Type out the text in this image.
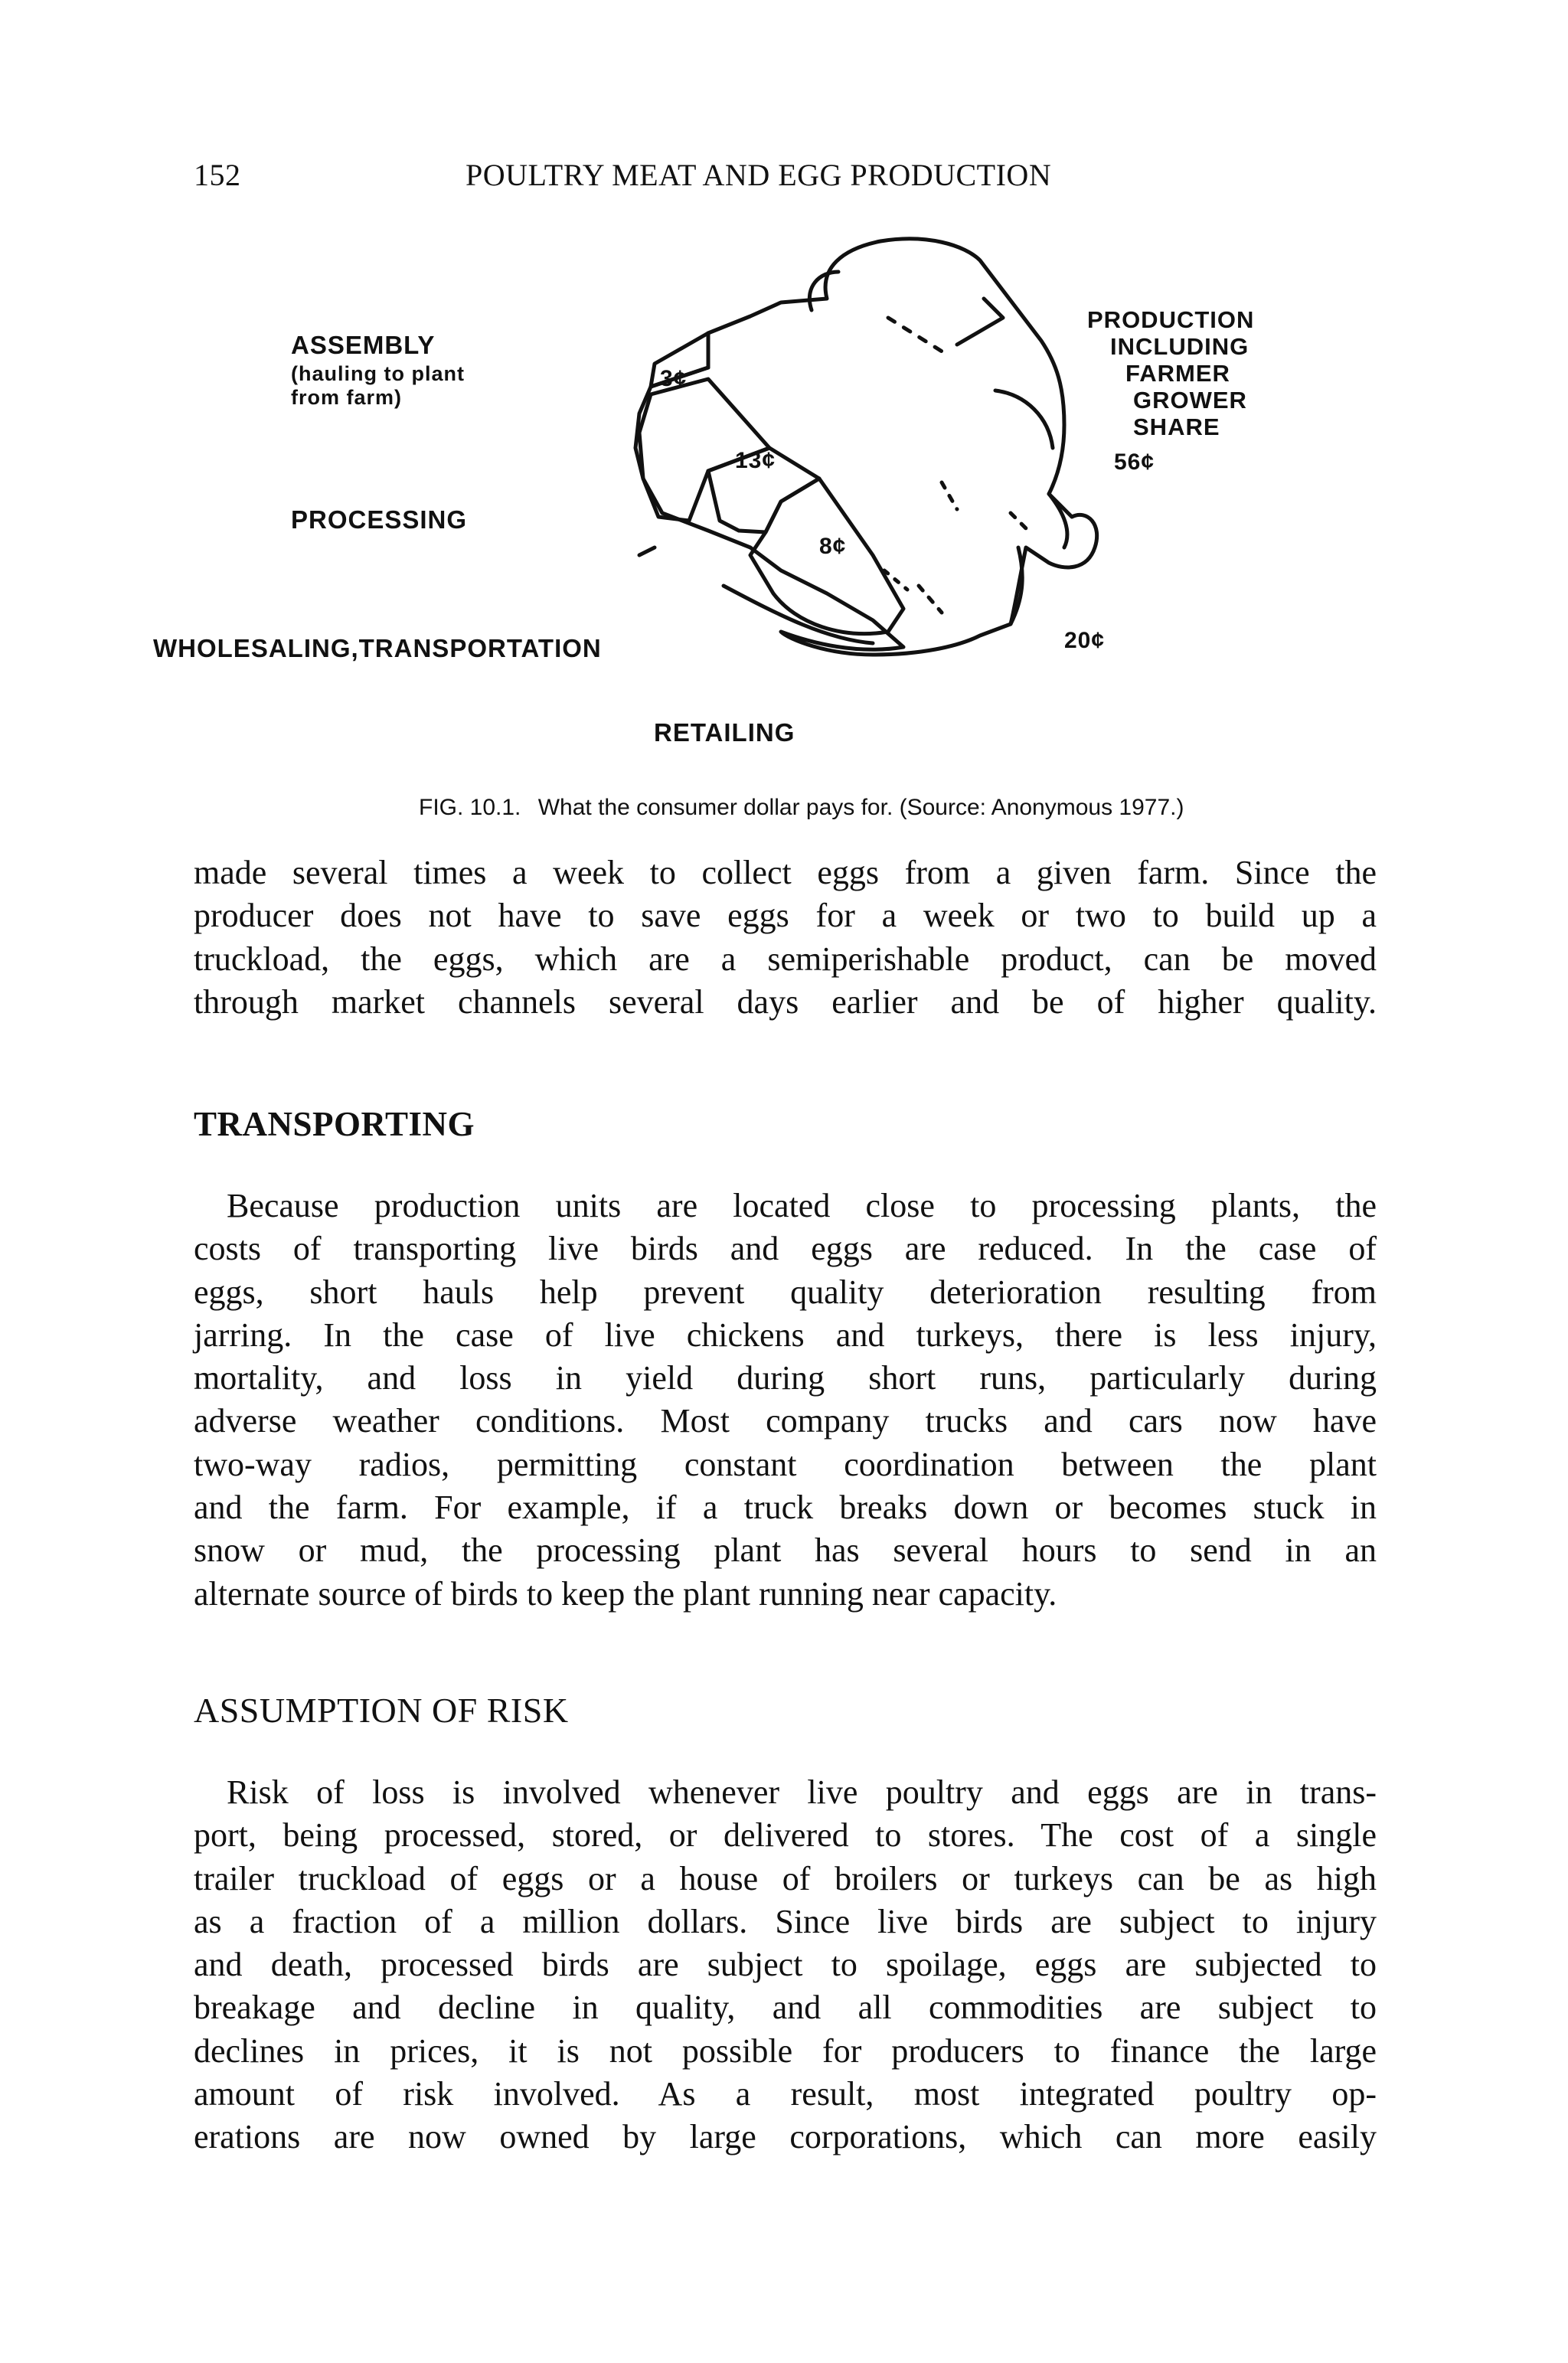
152	POULTRY MEAT AND EGG PRODUCTION
ASSEMBLY
(hauling to plant
from farm)
3¢
PROCESSING
13¢
8¢
WHOLESALING,TRANSPORTATION	20¢
RETAILING
56¢
PRODUCTION
INCLUDING
FARMER
GROWER
SHARE
FIG. 10.1. What the consumer dollar pays for. (Source: Anonymous 1977.)
made several times a week to collect eggs from a given farm. Since the
producer does not have to save eggs for a week or two to build up a
truckload, the eggs, which are a semiperishable product, can be moved
through market channels several days earlier and be of higher quality.
TRANSPORTING
Because production units are located close to processing plants, the
costs of transporting live birds and eggs are reduced. In the case of
eggs, short hauls help prevent quality deterioration resulting from
jarring. In the case of live chickens and turkeys, there is less injury,
mortality, and loss in yield during short runs, particularly during
adverse weather conditions. Most company trucks and cars now have
two-way radios, permitting constant coordination between the plant
and the farm. For example, if a truck breaks down or becomes stuck in
snow or mud, the processing plant has several hours to send in an
alternate source of birds to keep the plant running near capacity.
ASSUMPTION OF RISK
Risk of loss is involved whenever live poultry and eggs are in trans-
port, being processed, stored, or delivered to stores. The cost of a single
trailer truckload of eggs or a house of broilers or turkeys can be as high
as a fraction of a million dollars. Since live birds are subject to injury
and death, processed birds are subject to spoilage, eggs are subjected to
breakage and decline in quality, and all commodities are subject to
declines in prices, it is not possible for producers to finance the large
amount of risk involved. As a result, most integrated poultry op-
erations are now owned by large corporations, which can more easily
